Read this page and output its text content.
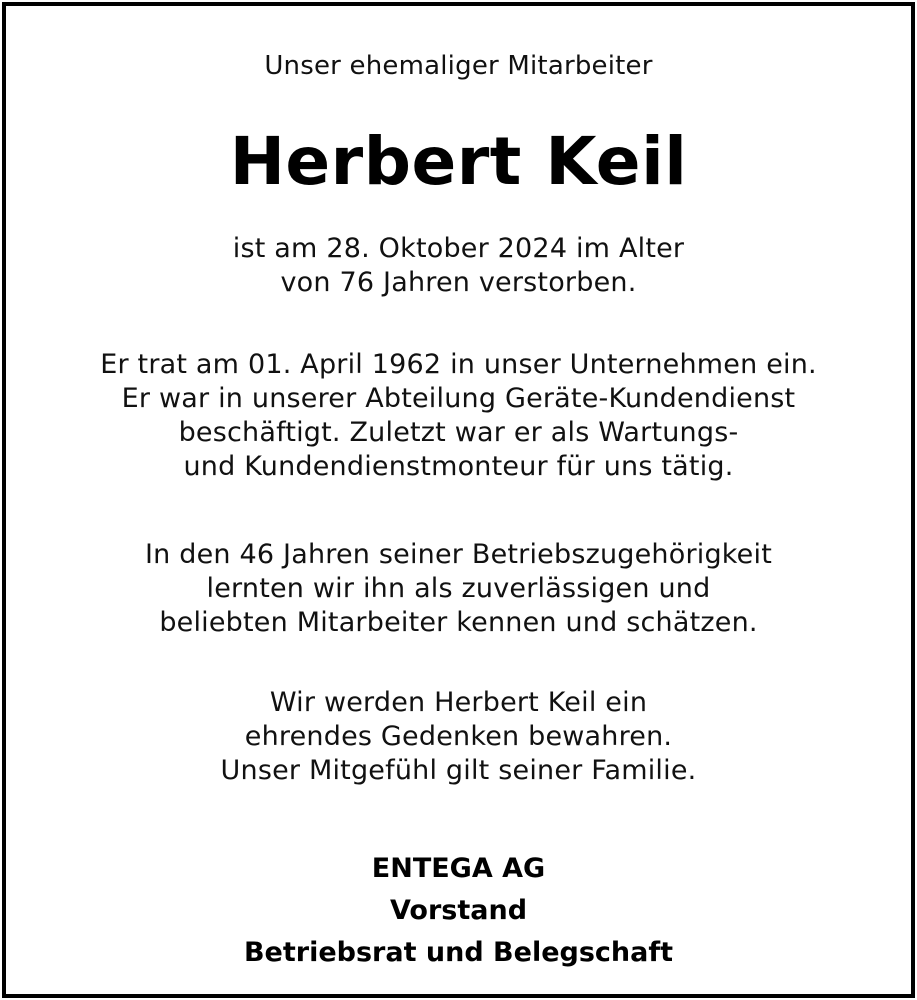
Unser ehemaliger Mitarbeiter
Herbert Keil
ist am 28. Oktober 2024 im Alter
von 76 Jahren verstorben.
Er trat am 01. April 1962 in unser Unternehmen ein.
Er war in unserer Abteilung Geräte-Kundendienst
beschäftigt. Zuletzt war er als Wartungs-
und Kundendienstmonteur für uns tätig.
In den 46 Jahren seiner Betriebszugehörigkeit
lernten wir ihn als zuverlässigen und
beliebten Mitarbeiter kennen und schätzen.
Wir werden Herbert Keil ein
ehrendes Gedenken bewahren.
Unser Mitgefühl gilt seiner Familie.
ENTEGA AG
Vorstand
Betriebsrat und Belegschaft
